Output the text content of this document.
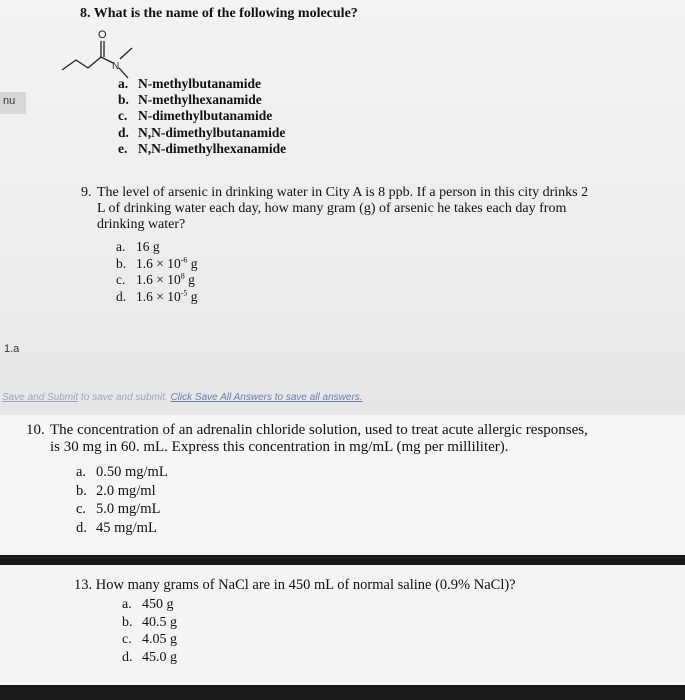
nu
1.a
8. What is the name of the following molecule?
O
N
a. N-methylbutanamide
b. N-methylhexanamide
c. N-dimethylbutanamide
d. N,N-dimethylbutanamide
e. N,N-dimethylhexanamide
9. The level of arsenic in drinking water in City A is 8 ppb. If a person in this city drinks 2
L of drinking water each day, how many gram (g) of arsenic he takes each day from
drinking water?
a. 16 g
b. $1.6 \times 10^{-6}$ g
c. $1.6 \times 10^8$ g
d. $1.6 \times 10^{-5}$ g
Save and Submit to save and submit. Click Save All Answers to save all answers.
10. The concentration of an adrenalin chloride solution, used to treat acute allergic responses,
is 30 mg in 60. mL. Express this concentration in mg/mL (mg per milliliter).
a. 0.50 mg/mL
b. 2.0 mg/ml
c. 5.0 mg/mL
d. 45 mg/mL
13. How many grams of NaCl are in 450 mL of normal saline (0.9% NaCl)?
a. 450 g
b. 40.5 g
c. 4.05 g
d. 45.0 g
